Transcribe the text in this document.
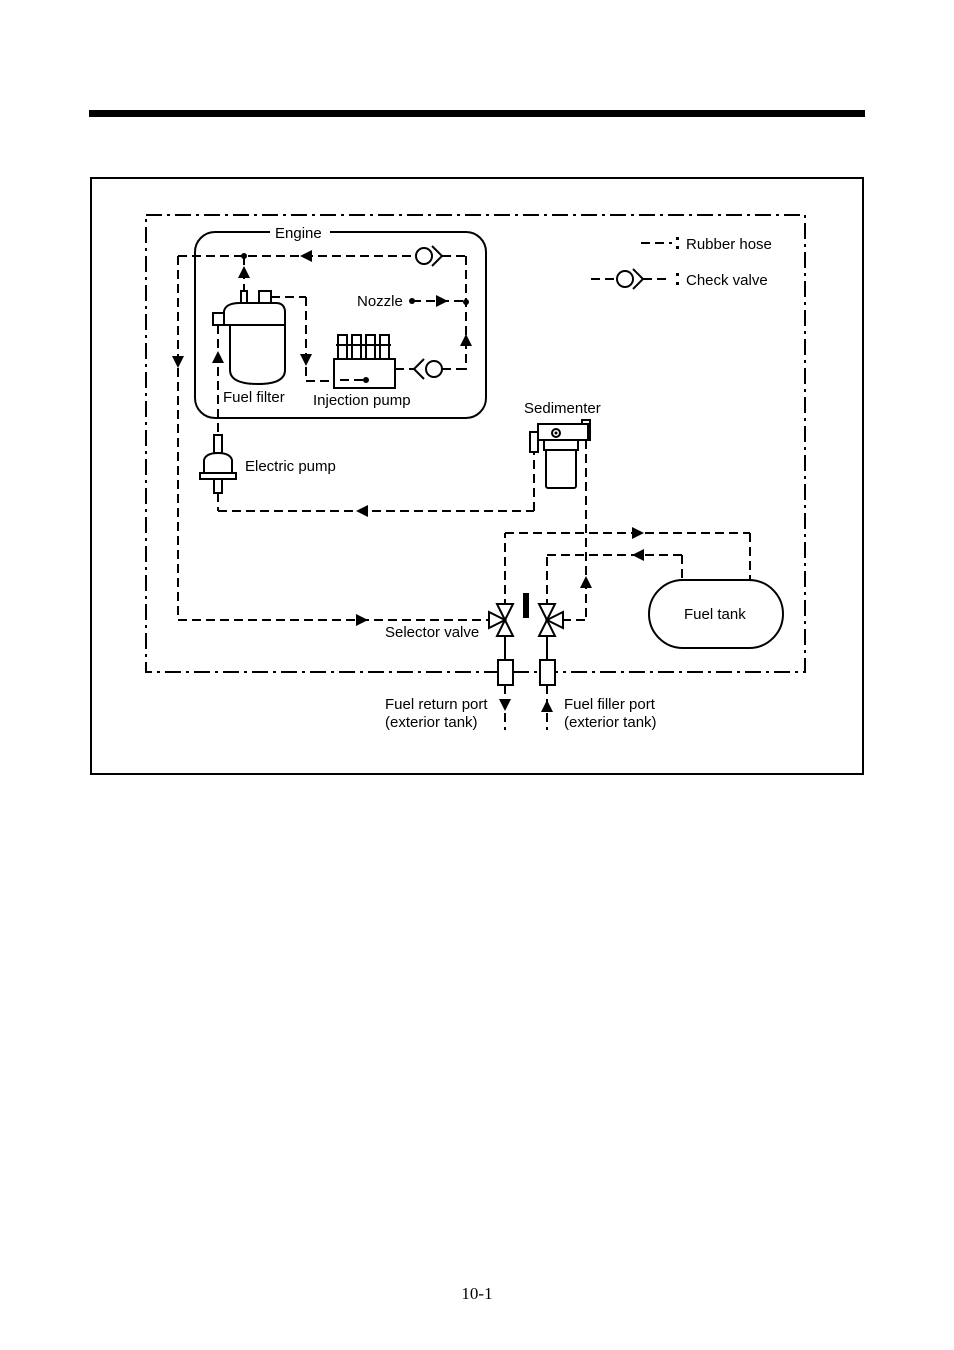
Engine
Rubber hose
Check valve
Nozzle
Fuel filter Injection pump
Electric pump
Sedimenter
Fuel tank
Selector valve
Fuel return port
(exterior tank)
Fuel filler port
(exterior tank)
10-1
